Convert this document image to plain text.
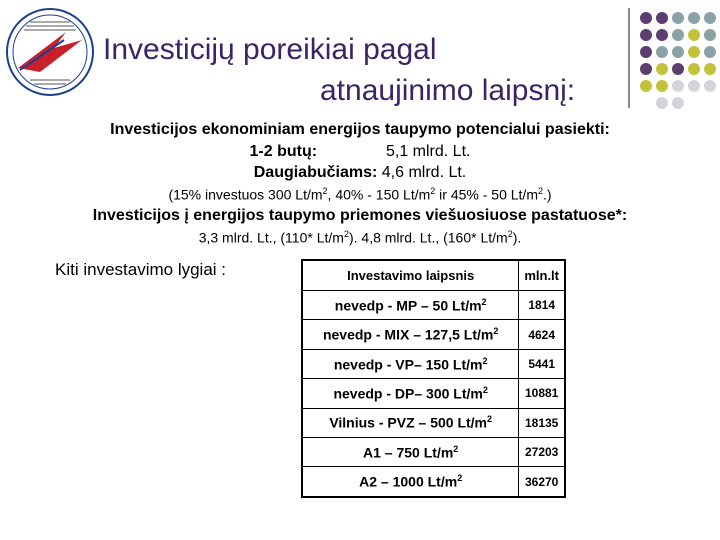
Investicijų poreikiai pagal
atnaujinimo laipsnį:
Investicijos ekonominiam energijos taupymo potencialui pasiekti:
1-2 butų:	5,1 mlrd. Lt.
Daugiabučiams: 4,6 mlrd. Lt.
(15% investuos 300 $Lt/m^2$, 40% - 150 $Lt/m^2$ ir 45% - 50 $Lt/m^2$.)
Investicijos į energijos taupymo priemones viešuosiuose pastatuose*:
3,3 mlrd. Lt., (110* $Lt/m^2$). 4,8 mlrd. Lt., (160* $Lt/m^2$).
Kiti investavimo lygiai :	Investavimo laipsnis	mln.lt
nevedp - MP – 50 $Lt/m^2$	1814
nevedp - MIX – 127,5 $Lt/m^2$	4624
nevedp - VP– 150 $Lt/m^2$	5441
nevedp - DP– 300 $Lt/m^2$	10881
Vilnius - PVZ – 500 $Lt/m^2$	18135
A1 – 750 $Lt/m^2$	27203
A2 – 1000 $Lt/m^2$	36270
